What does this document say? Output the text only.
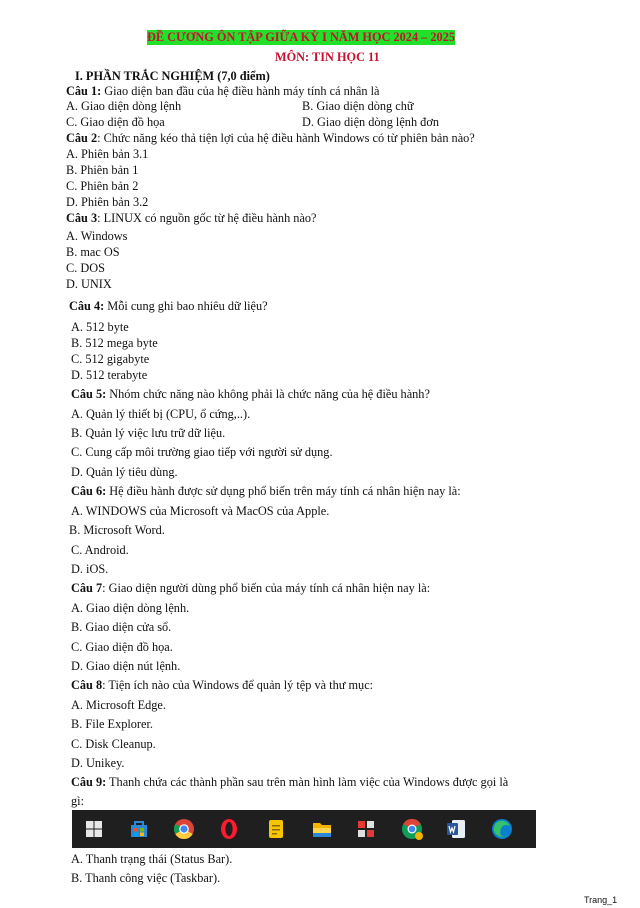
ĐỀ CƯƠNG ÔN TẬP GIỮA KỲ I NĂM HỌC 2024 – 2025
MÔN: TIN HỌC 11
I. PHẦN TRẮC NGHIỆM (7,0 điểm)
Câu 1: Giao diện ban đầu của hệ điều hành máy tính cá nhân là
A. Giao diện dòng lệnh	B. Giao diện dòng chữ
C. Giao diện đồ họa	D. Giao diện dòng lệnh đơn
Câu 2: Chức năng kéo thả tiện lợi của hệ điều hành Windows có từ phiên bản nào?
A. Phiên bản 3.1
B. Phiên bản 1
C. Phiên bản 2
D. Phiên bản 3.2
Câu 3: LINUX có nguồn gốc từ hệ điều hành nào?
A. Windows
B. mac OS
C. DOS
D. UNIX
Câu 4: Mỗi cung ghi bao nhiêu dữ liệu?
A. 512 byte
B. 512 mega byte
C. 512 gigabyte
D. 512 terabyte
Câu 5: Nhóm chức năng nào không phải là chức năng của hệ điều hành?
A. Quản lý thiết bị (CPU, ổ cứng,..).
B. Quản lý việc lưu trữ dữ liệu.
C. Cung cấp môi trường giao tiếp với người sử dụng.
D. Quản lý tiêu dùng.
Câu 6: Hệ điều hành được sử dụng phổ biến trên máy tính cá nhân hiện nay là:
A. WINDOWS của Microsoft và MacOS của Apple.
B. Microsoft Word.
C. Android.
D. iOS.
Câu 7: Giao diện người dùng phổ biến của máy tính cá nhân hiện nay là:
A. Giao diện dòng lệnh.
B. Giao diện cửa sổ.
C. Giao diện đồ họa.
D. Giao diện nút lệnh.
Câu 8: Tiện ích nào của Windows để quản lý tệp và thư mục:
A. Microsoft Edge.
B. File Explorer.
C. Disk Cleanup.
D. Unikey.
Câu 9: Thanh chứa các thành phần sau trên màn hình làm việc của Windows được gọi là
gì:
A. Thanh trạng thái (Status Bar).
B. Thanh công việc (Taskbar).
Trang_1
